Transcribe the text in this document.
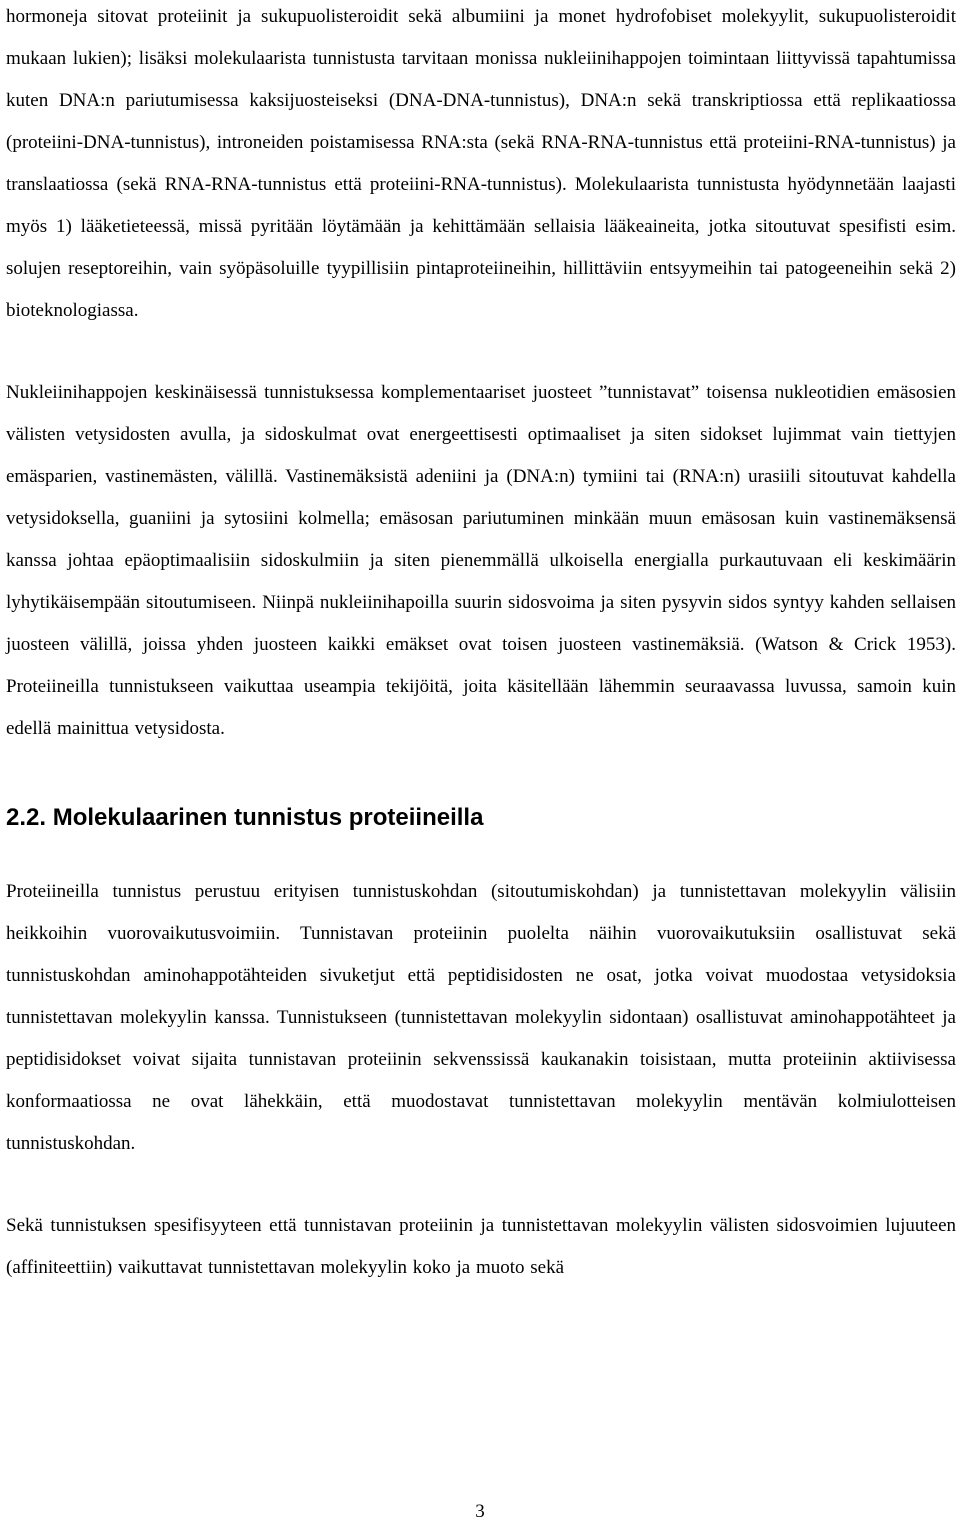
hormoneja sitovat proteiinit ja sukupuolisteroidit sekä albumiini ja monet hydrofobiset molekyylit, sukupuolisteroidit mukaan lukien); lisäksi molekulaarista tunnistusta tarvitaan monissa nukleiinihappojen toimintaan liittyvissä tapahtumissa kuten DNA:n pariutumisessa kaksijuosteiseksi (DNA-DNA-tunnistus), DNA:n sekä transkriptiossa että replikaatiossa (proteiini-DNA-tunnistus), introneiden poistamisessa RNA:sta (sekä RNA-RNA-tunnistus että proteiini-RNA-tunnistus) ja translaatiossa (sekä RNA-RNA-tunnistus että proteiini-RNA-tunnistus). Molekulaarista tunnistusta hyödynnetään laajasti myös 1) lääketieteessä, missä pyritään löytämään ja kehittämään sellaisia lääkeaineita, jotka sitoutuvat spesifisti esim. solujen reseptoreihin, vain syöpäsoluille tyypillisiin pintaproteiineihin, hillittäviin entsyymeihin tai patogeeneihin sekä 2) bioteknologiassa.

Nukleiinihappojen keskinäisessä tunnistuksessa komplementaariset juosteet ”tunnistavat” toisensa nukleotidien emäsosien välisten vetysidosten avulla, ja sidoskulmat ovat energeettisesti optimaaliset ja siten sidokset lujimmat vain tiettyjen emäsparien, vastinemästen, välillä. Vastinemäksistä adeniini ja (DNA:n) tymiini tai (RNA:n) urasiili sitoutuvat kahdella vetysidoksella, guaniini ja sytosiini kolmella; emäsosan pariutuminen minkään muun emäsosan kuin vastinemäksensä kanssa johtaa epäoptimaalisiin sidoskulmiin ja siten pienemmällä ulkoisella energialla purkautuvaan eli keskimäärin lyhytikäisempään sitoutumiseen. Niinpä nukleiinihapoilla suurin sidosvoima ja siten pysyvin sidos syntyy kahden sellaisen juosteen välillä, joissa yhden juosteen kaikki emäkset ovat toisen juosteen vastinemäksiä. (Watson & Crick 1953). Proteiineilla tunnistukseen vaikuttaa useampia tekijöitä, joita käsitellään lähemmin seuraavassa luvussa, samoin kuin edellä mainittua vetysidosta.

2.2. Molekulaarinen tunnistus proteiineilla

Proteiineilla tunnistus perustuu erityisen tunnistuskohdan (sitoutumiskohdan) ja tunnistettavan molekyylin välisiin heikkoihin vuorovaikutusvoimiin. Tunnistavan proteiinin puolelta näihin vuorovaikutuksiin osallistuvat sekä tunnistuskohdan aminohappotähteiden sivuketjut että peptidisidosten ne osat, jotka voivat muodostaa vetysidoksia tunnistettavan molekyylin kanssa. Tunnistukseen (tunnistettavan molekyylin sidontaan) osallistuvat aminohappotähteet ja peptidisidokset voivat sijaita tunnistavan proteiinin sekvenssissä kaukanakin toisistaan, mutta proteiinin aktiivisessa konformaatiossa ne ovat lähekkäin, että muodostavat tunnistettavan molekyylin mentävän kolmiulotteisen tunnistuskohdan.

Sekä tunnistuksen spesifisyyteen että tunnistavan proteiinin ja tunnistettavan molekyylin välisten sidosvoimien lujuuteen (affiniteettiin) vaikuttavat tunnistettavan molekyylin koko ja muoto sekä

3
